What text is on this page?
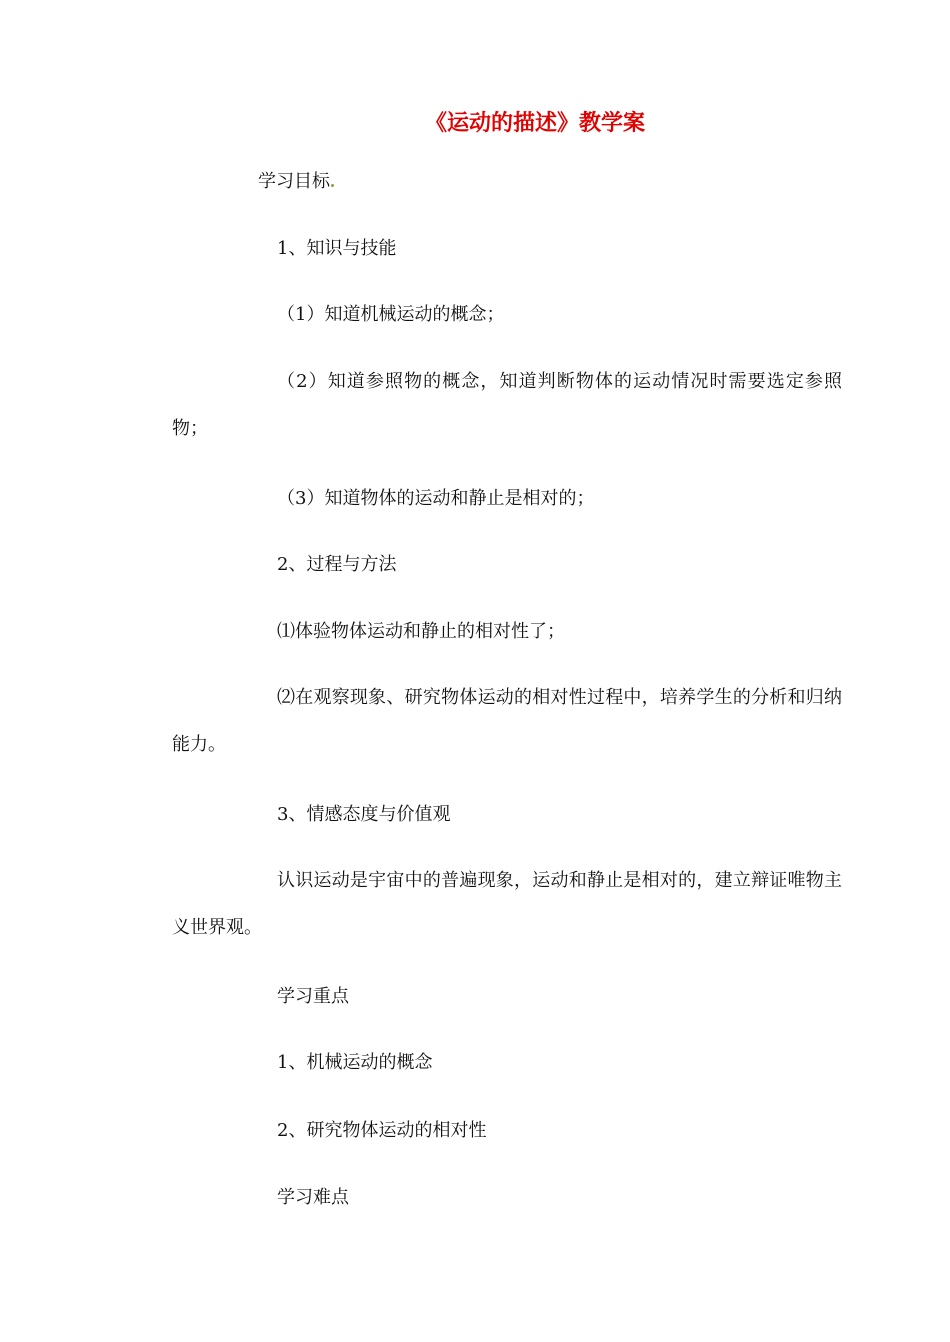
《运动的描述》教学案
学习目标
1、知识与技能
（1）知道机械运动的概念；
（2）知道参照物的概念，知道判断物体的运动情况时需要选定参照物；
（3）知道物体的运动和静止是相对的；
2、过程与方法
⑴体验物体运动和静止的相对性了；
⑵在观察现象、研究物体运动的相对性过程中，培养学生的分析和归纳能力。
3、情感态度与价值观
认识运动是宇宙中的普遍现象，运动和静止是相对的，建立辩证唯物主义世界观。
学习重点
1、机械运动的概念
2、研究物体运动的相对性
学习难点
